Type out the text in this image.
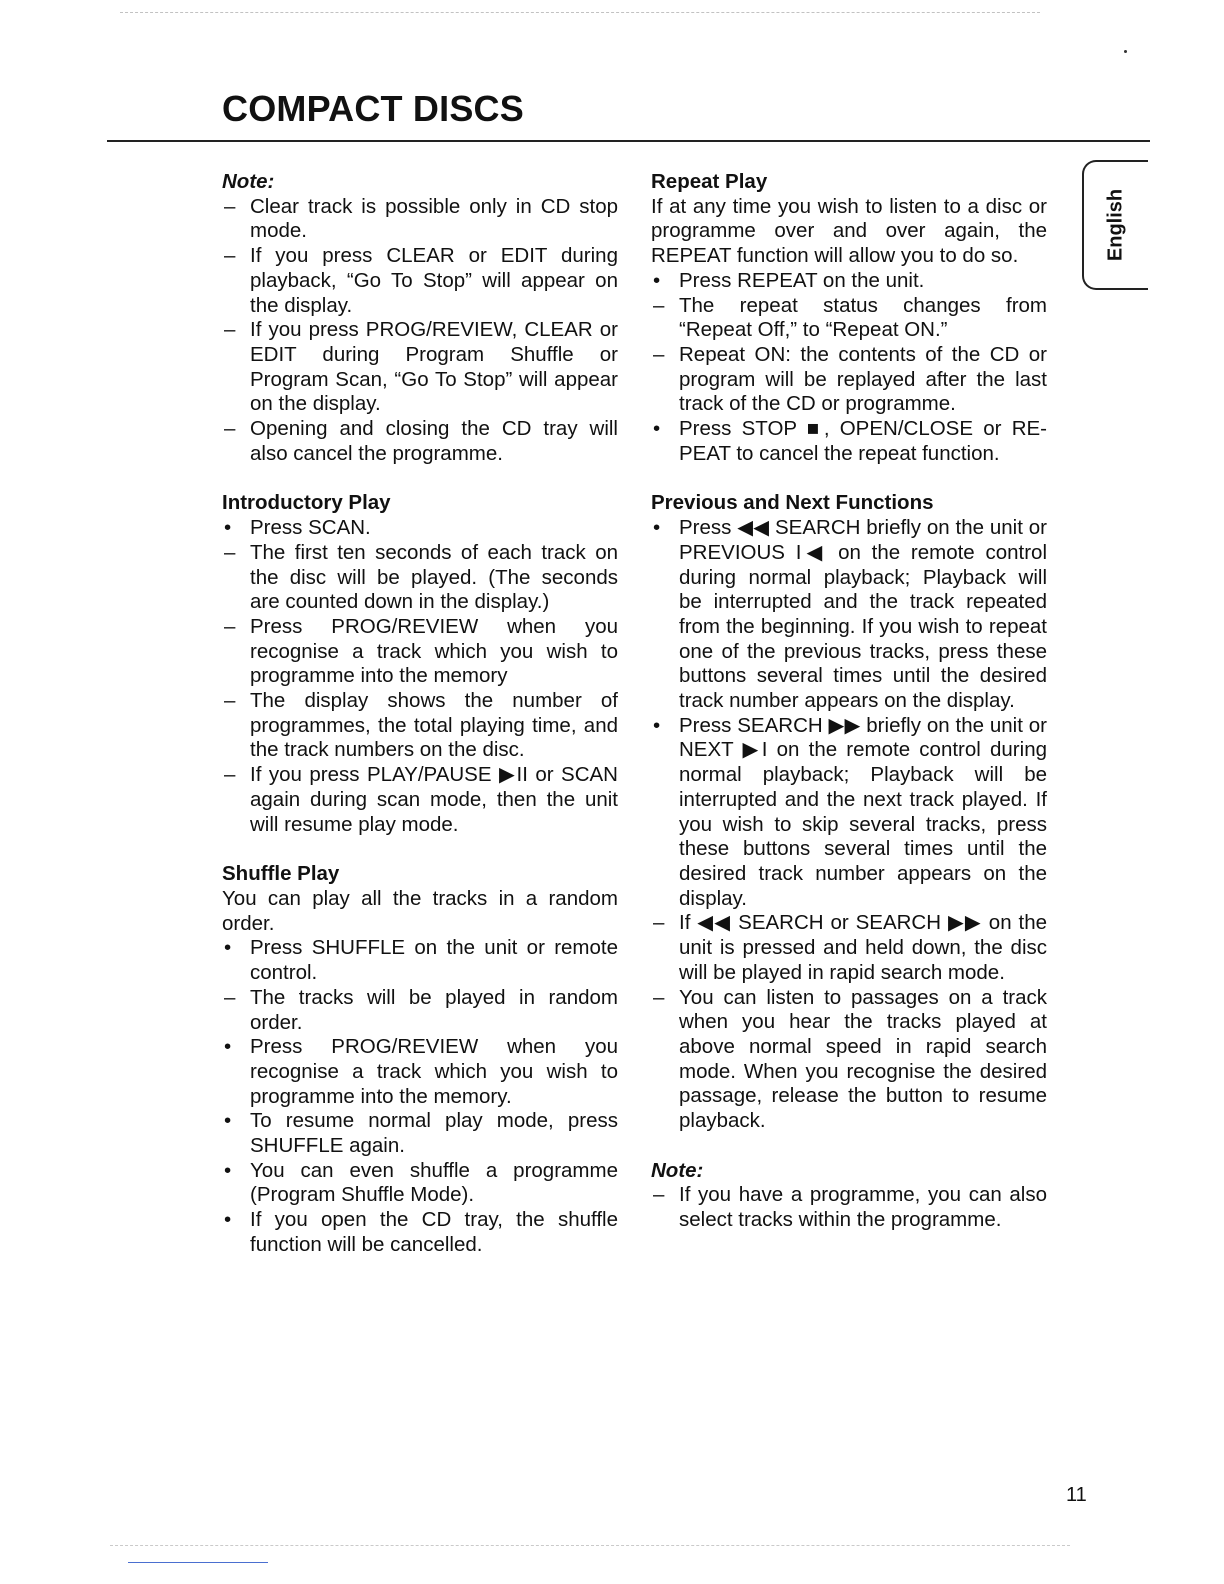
COMPACT DISCS
English

Note:

– Clear track is possible only in CD stop mode.
– If you press CLEAR or EDIT during playback, “Go To Stop” will appear on the display.
– If you press PROG/REVIEW, CLEAR or EDIT during Program Shuffle or Program Scan, “Go To Stop” will appear on the display.
– Opening and closing the CD tray will also cancel the programme.

Introductory Play

• Press SCAN.
– The first ten seconds of each track on the disc will be played. (The seconds are counted down in the display.)
– Press PROG/REVIEW when you recognise a track which you wish to programme into the memory
– The display shows the number of programmes, the total playing time, and the track numbers on the disc.
– If you press PLAY/PAUSE ▶II or SCAN again during scan mode, then the unit will resume play mode.

Shuffle Play

You can play all the tracks in a random order.

• Press SHUFFLE on the unit or remote control.
– The tracks will be played in random order.
• Press PROG/REVIEW when you recognise a track which you wish to programme into the memory.
• To resume normal play mode, press SHUFFLE again.
• You can even shuffle a programme (Program Shuffle Mode).
• If you open the CD tray, the shuffle function will be cancelled.

Repeat Play

If at any time you wish to listen to a disc or programme over and over again, the REPEAT function will allow you to do so.

• Press REPEAT on the unit.
– The repeat status changes from “Repeat Off,” to “Repeat ON.”
– Repeat ON: the contents of the CD or program will be replayed after the last track of the CD or programme.
• Press STOP ■, OPEN/CLOSE or RE-PEAT to cancel the repeat function.

Previous and Next Functions

• Press ◀◀ SEARCH briefly on the unit or PREVIOUS I◀ on the remote control during normal playback; Playback will be interrupted and the track repeated from the beginning. If you wish to repeat one of the previous tracks, press these buttons several times until the desired track number appears on the display.
• Press SEARCH ▶▶ briefly on the unit or NEXT ▶I on the remote control during normal playback; Playback will be interrupted and the next track played. If you wish to skip several tracks, press these buttons several times until the desired track number appears on the display.
– If ◀◀ SEARCH or SEARCH ▶▶ on the unit is pressed and held down, the disc will be played in rapid search mode.
– You can listen to passages on a track when you hear the tracks played at above normal speed in rapid search mode. When you recognise the desired passage, release the button to resume playback.

Note:

– If you have a programme, you can also select tracks within the programme.
11
